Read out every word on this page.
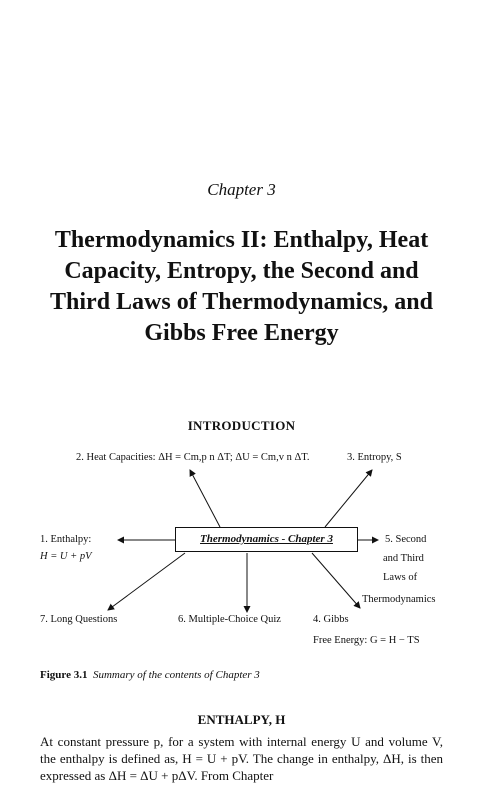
Chapter 3
Thermodynamics II: Enthalpy, Heat Capacity, Entropy, the Second and Third Laws of Thermodynamics, and Gibbs Free Energy
INTRODUCTION
Thermodynamics - Chapter 3
2. Heat Capacities: ΔH = Cm,p n ΔT; ΔU = Cm,v n ΔT.	3. Entropy, S
1. Enthalpy:
H = U + pV
5. Second
and Third
Laws of
Thermodynamics
7. Long Questions	6. Multiple-Choice Quiz	4. Gibbs
Free Energy: G = H − TS
Figure 3.1 Summary of the contents of Chapter 3
ENTHALPY, H
At constant pressure p, for a system with internal energy U and volume V, the enthalpy is defined as, H = U + pV. The change in enthalpy, ΔH, is then expressed as ΔH = ΔU + pΔV. From Chapter
